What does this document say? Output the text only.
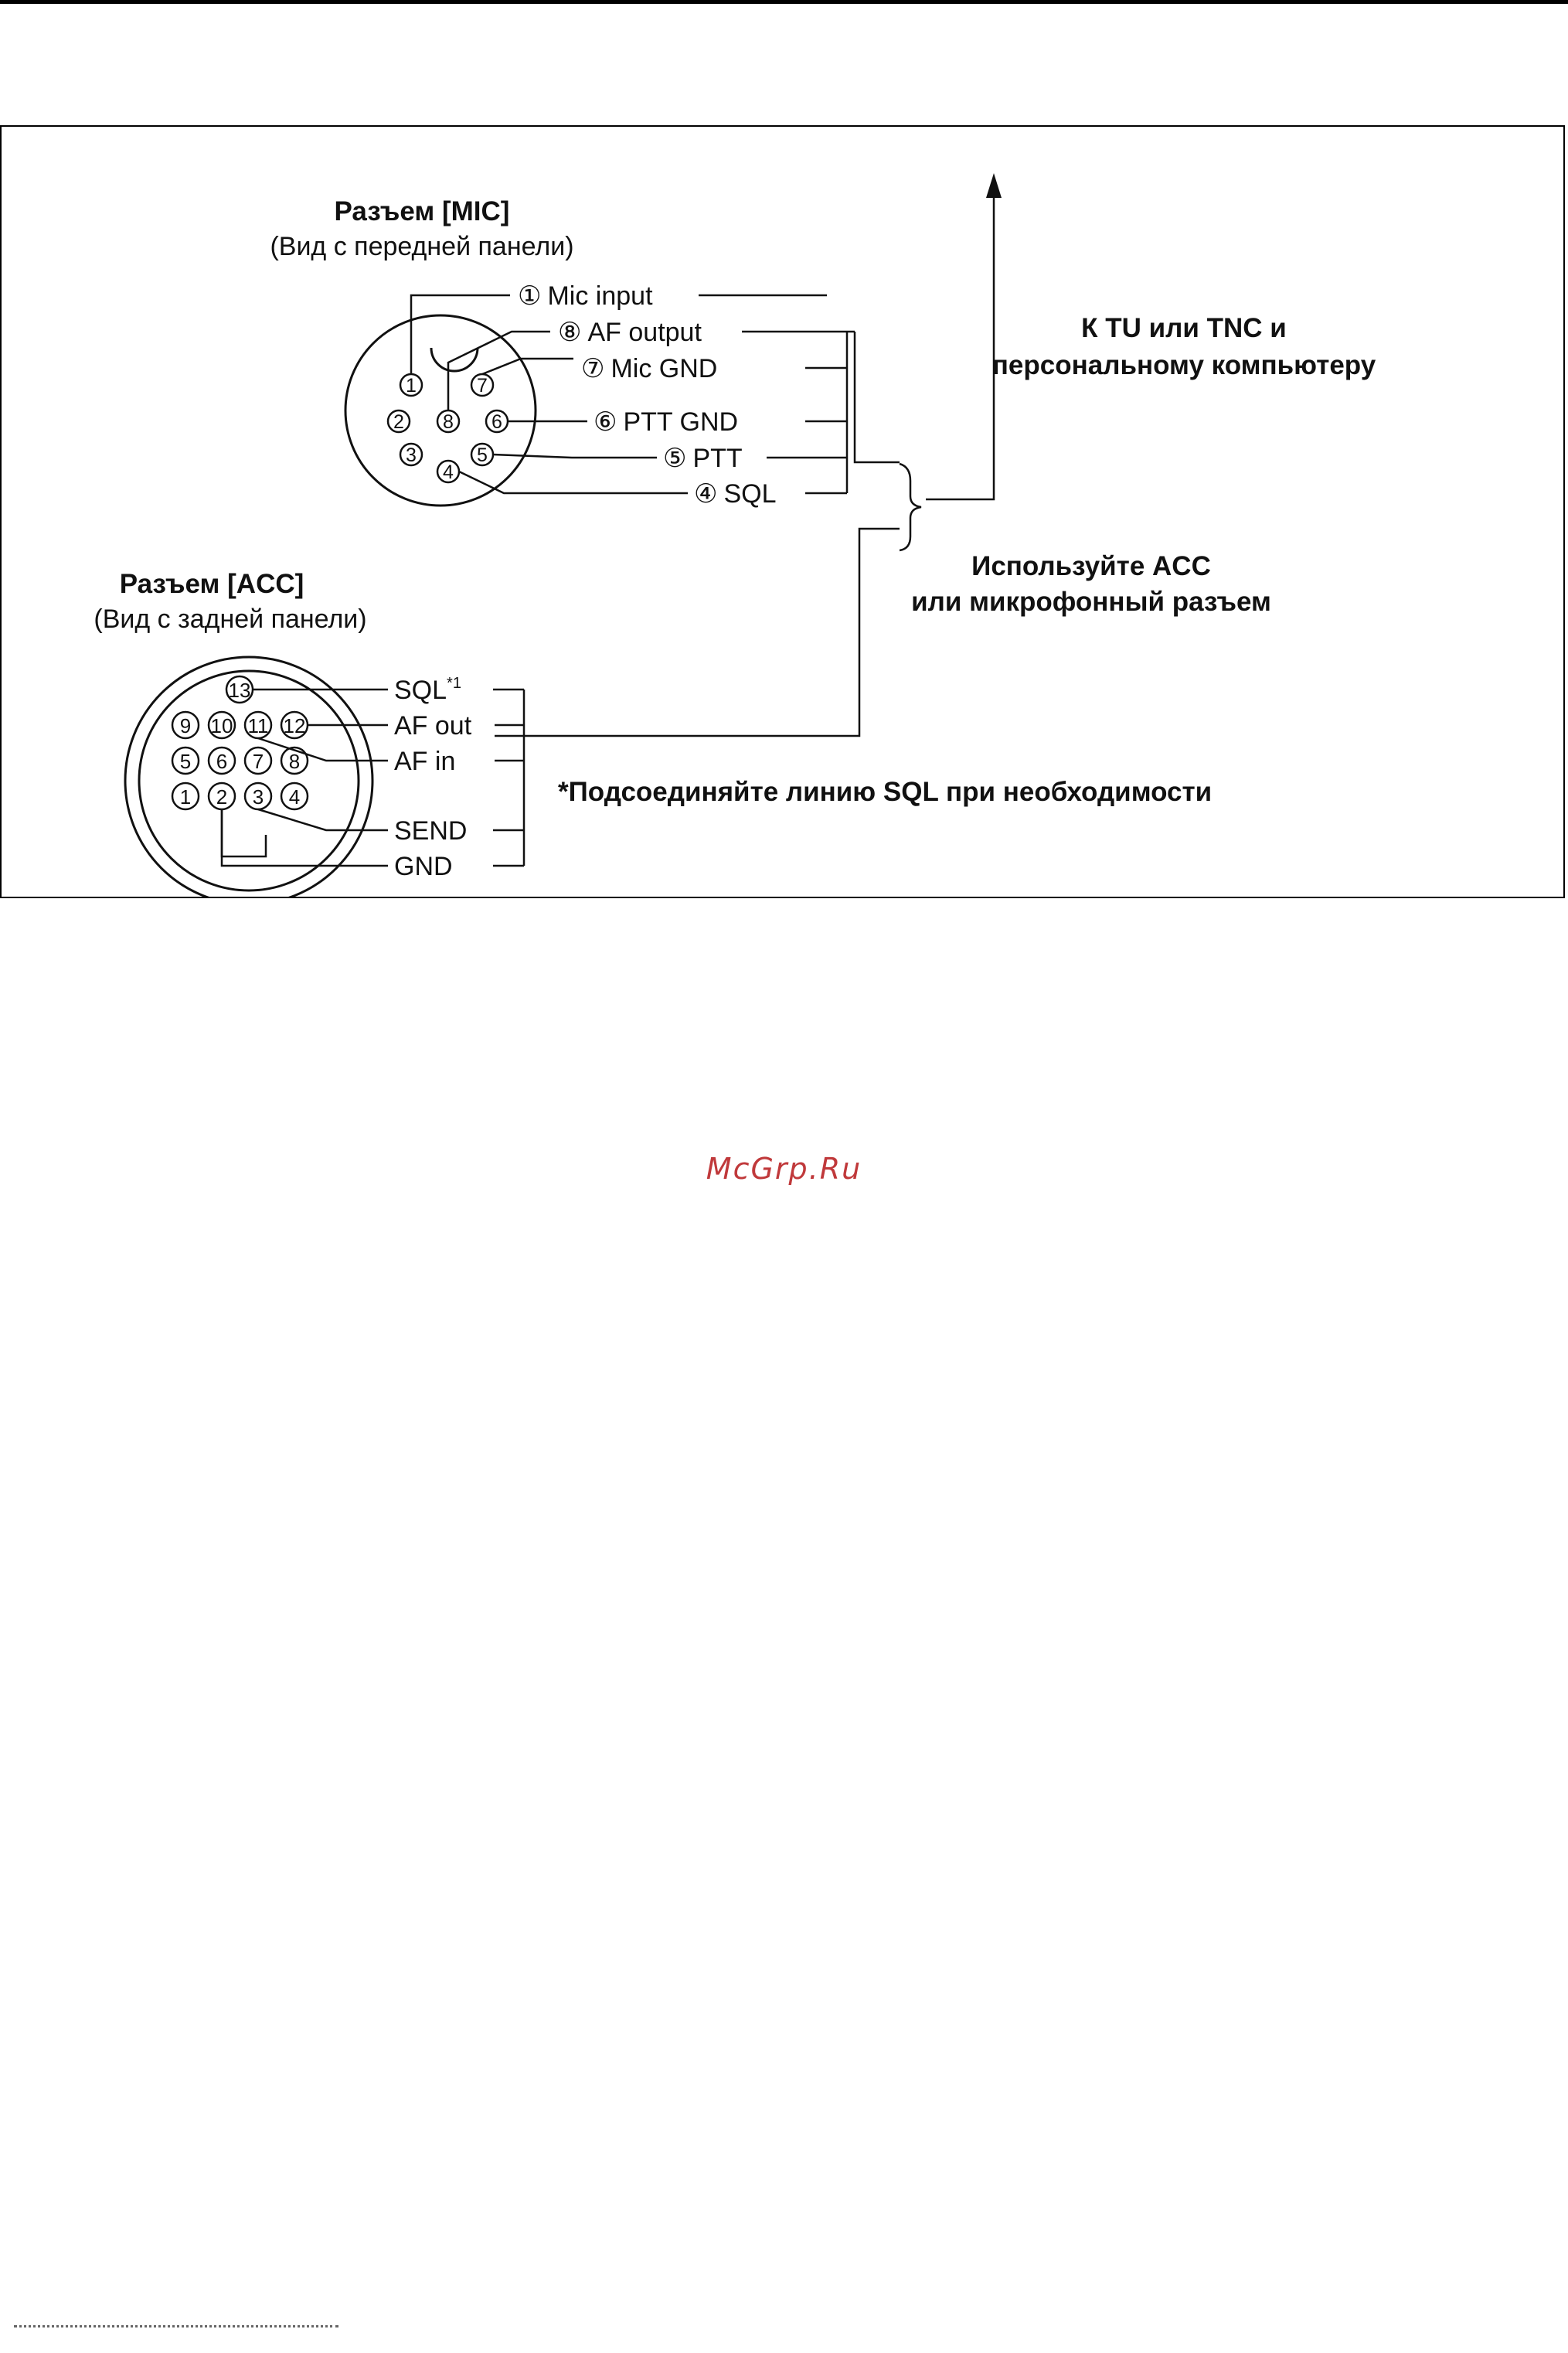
Разъем [MIC]
(Вид с передней панели)
1
2
3
4
5
6
7
8
① Mic input
⑧ AF output
⑦ Mic GND
⑥ PTT GND
⑤ PTT
④ SQL
К TU или TNC и
персональному компьютеру
Используйте ACC
или микрофонный разъем
Разъем [ACC]
(Вид с задней панели)
13
9 10 11 12
5 6 7 8
1 2 3 4
SQL$^{*1}$
AF out
AF in
SEND
GND
*Подсоединяйте линию SQL при необходимости
McGrp.Ru
